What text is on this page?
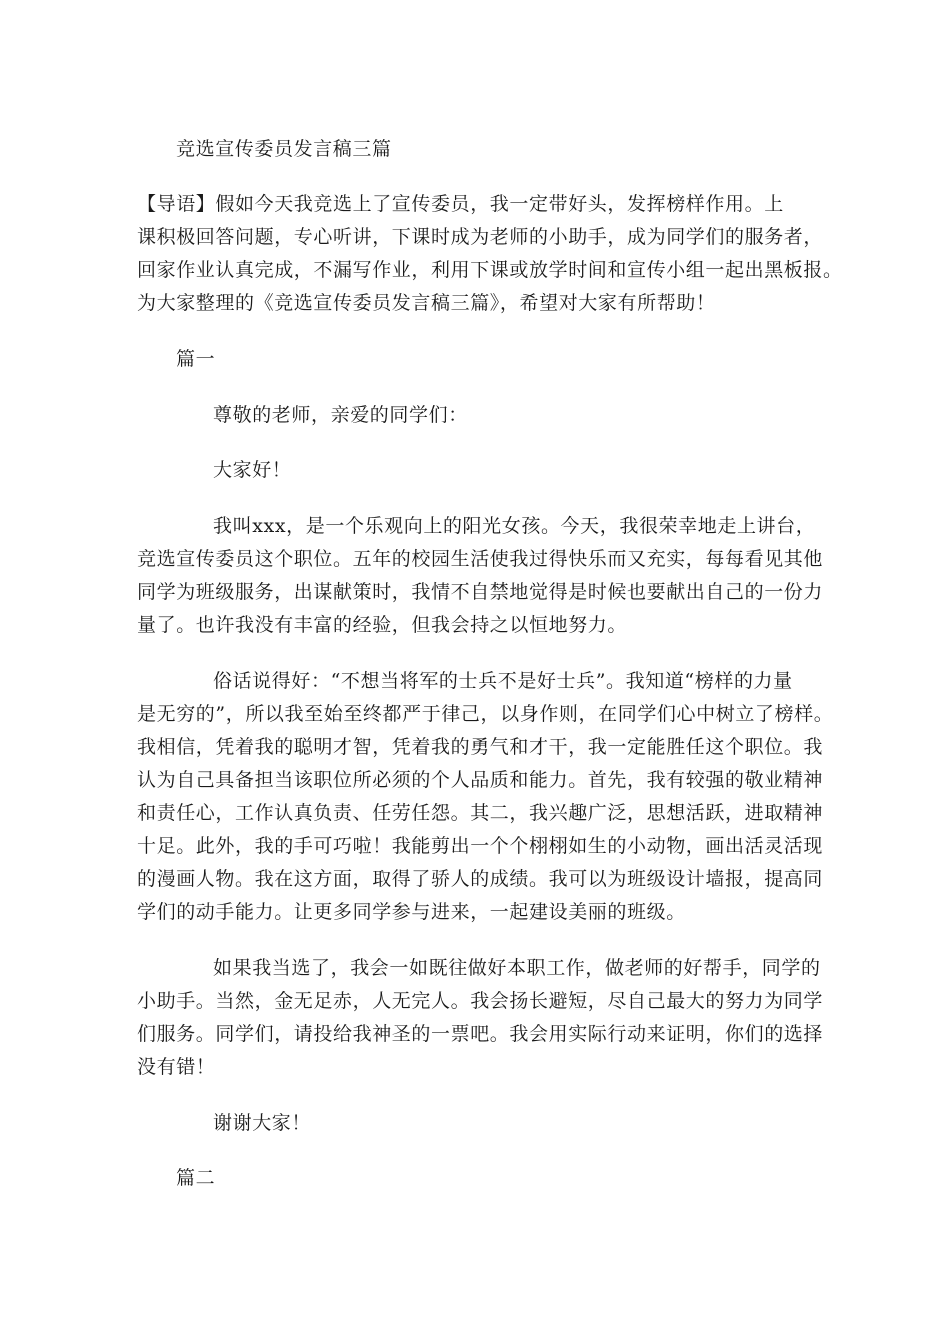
竞选宣传委员发言稿三篇
【导语】假如今天我竞选上了宣传委员，我一定带好头，发挥榜样作用。上
课积极回答问题，专心听讲，下课时成为老师的小助手，成为同学们的服务者，
回家作业认真完成，不漏写作业，利用下课或放学时间和宣传小组一起出黑板报。
为大家整理的《竞选宣传委员发言稿三篇》，希望对大家有所帮助！
篇一
尊敬的老师，亲爱的同学们：
大家好！
我叫xxx，是一个乐观向上的阳光女孩。今天，我很荣幸地走上讲台，
竞选宣传委员这个职位。五年的校园生活使我过得快乐而又充实，每每看见其他
同学为班级服务，出谋献策时，我情不自禁地觉得是时候也要献出自己的一份力
量了。也许我没有丰富的经验，但我会持之以恒地努力。
俗话说得好：“不想当将军的士兵不是好士兵”。我知道“榜样的力量
是无穷的”，所以我至始至终都严于律己，以身作则，在同学们心中树立了榜样。
我相信，凭着我的聪明才智，凭着我的勇气和才干，我一定能胜任这个职位。我
认为自己具备担当该职位所必须的个人品质和能力。首先，我有较强的敬业精神
和责任心，工作认真负责、任劳任怨。其二，我兴趣广泛，思想活跃，进取精神
十足。此外，我的手可巧啦！我能剪出一个个栩栩如生的小动物，画出活灵活现
的漫画人物。我在这方面，取得了骄人的成绩。我可以为班级设计墙报，提高同
学们的动手能力。让更多同学参与进来，一起建设美丽的班级。
如果我当选了，我会一如既往做好本职工作，做老师的好帮手，同学的
小助手。当然，金无足赤，人无完人。我会扬长避短，尽自己最大的努力为同学
们服务。同学们，请投给我神圣的一票吧。我会用实际行动来证明，你们的选择
没有错！
谢谢大家！
篇二
